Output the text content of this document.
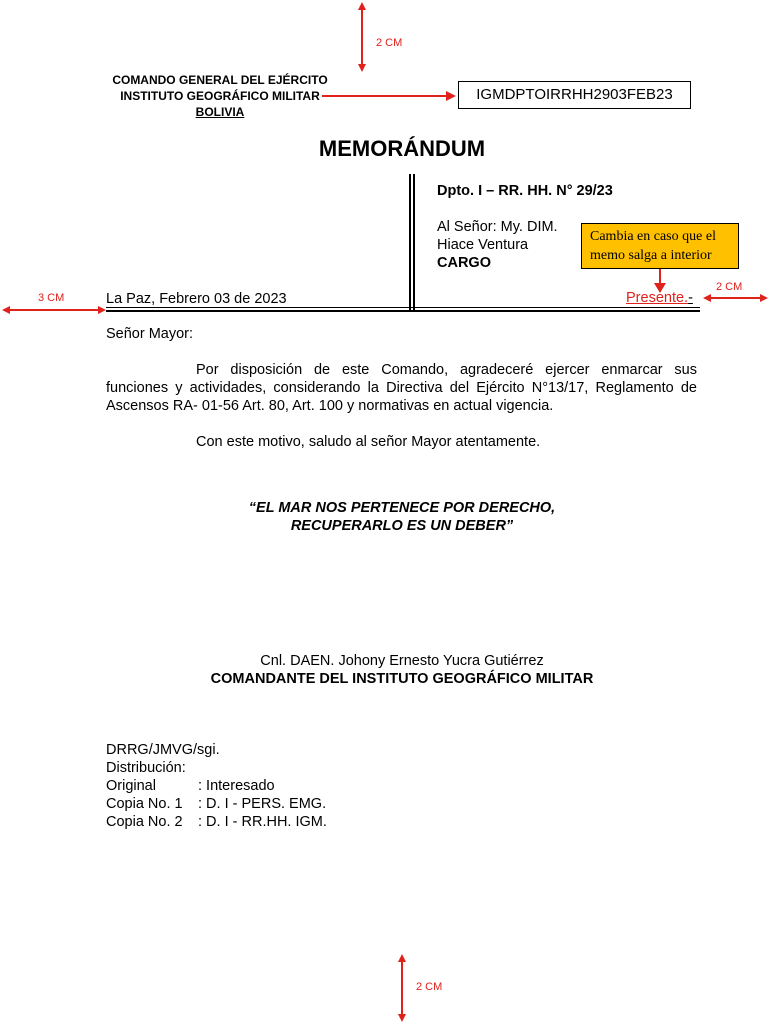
2 CM
COMANDO GENERAL DEL EJÉRCITO
INSTITUTO GEOGRÁFICO MILITAR
BOLIVIA
IGMDPTOIRRHH2903FEB23
MEMORÁNDUM
Dpto. I – RR. HH. N° 29/23
Al Señor: My. DIM.
Hiace Ventura
CARGO
Cambia en caso que el memo salga a interior
3 CM
2 CM
La Paz, Febrero 03 de 2023	Presente.-
Señor Mayor:
Por disposición de este Comando, agradeceré ejercer enmarcar sus funciones y actividades, considerando la Directiva del Ejército N°13/17, Reglamento de Ascensos RA- 01-56 Art. 80, Art. 100 y normativas en actual vigencia.
Con este motivo, saludo al señor Mayor atentamente.
“EL MAR NOS PERTENECE POR DERECHO,
RECUPERARLO ES UN DEBER”
Cnl. DAEN. Johony Ernesto Yucra Gutiérrez
COMANDANTE DEL INSTITUTO GEOGRÁFICO MILITAR
DRRG/JMVG/sgi.
Distribución:
Original	: Interesado
Copia No. 1 : D. I - PERS. EMG.
Copia No. 2 : D. I - RR.HH. IGM.
2 CM
